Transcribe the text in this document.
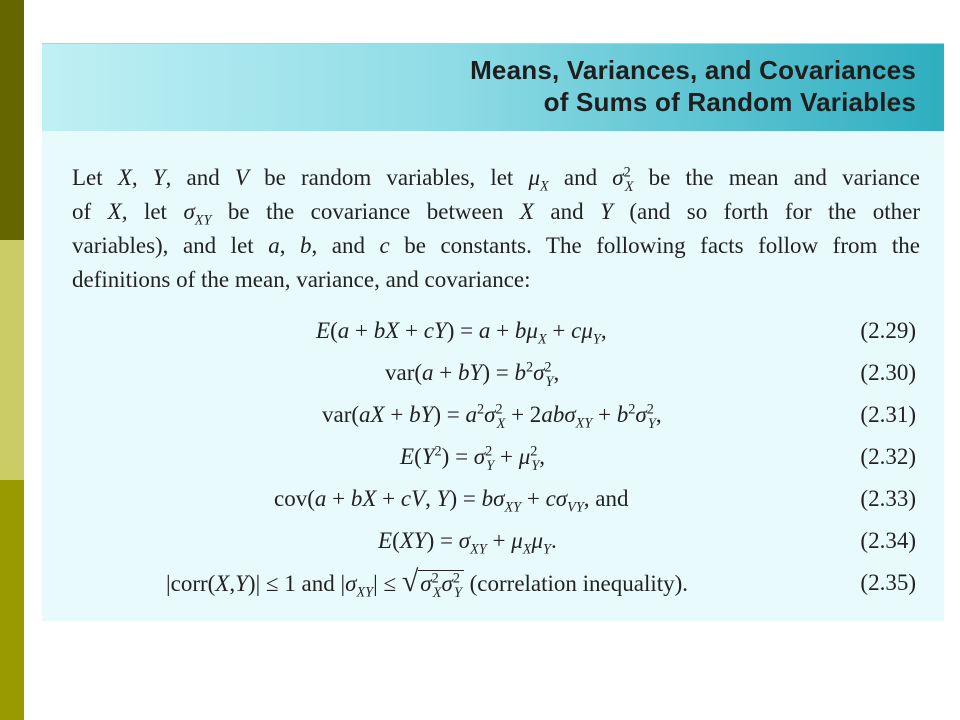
Means, Variances, and Covariances
of Sums of Random Variables
Let X, Y, and V be random variables, let $\mu_X$ and $\sigma^2_X$ be the mean and variance
of X, let $\sigma_{XY}$ be the covariance between X and Y (and so forth for the other
variables), and let a, b, and c be constants. The following facts follow from the
definitions of the mean, variance, and covariance:
E(a + bX + $cY) = a + b\mu_X + c\mu_Y$,	(2.29)
$var(a + bY) = b^2\sigma^2_Y$,	(2.30)
$var(aX + bY) = a^2\sigma^2_X + 2ab\sigma_{XY} + b^2\sigma^2_Y$,	(2.31)
$E(Y^2) = \sigma^2_Y + \mu^2_Y$,	(2.32)
cov(a + bX + cV, $Y) = b\sigma_{XY} + c\sigma_{VY}$, and	(2.33)
$E(XY) = \sigma_{XY} + \mu_X\mu_Y$.	(2.34)
|corr(X,Y)| ≤ 1 and $|\sigma_{XY}| \le √\sigma^2_X\sigma^2_Y$ (correlation inequality).	(2.35)
